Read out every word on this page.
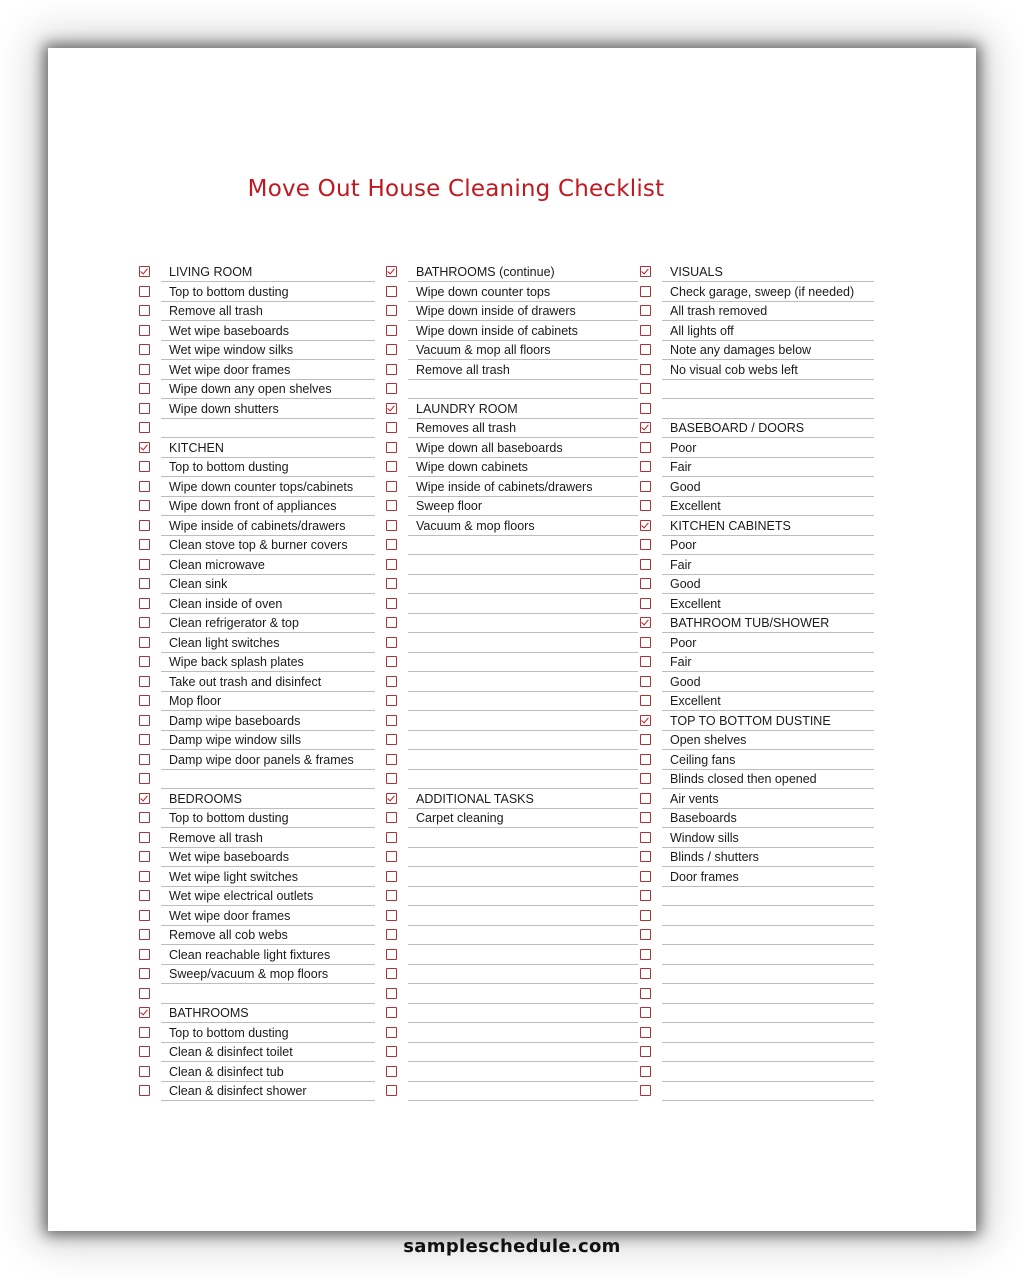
Move Out House Cleaning Checklist
LIVING ROOM
Top to bottom dusting
Remove all trash
Wet wipe baseboards
Wet wipe window silks
Wet wipe door frames
Wipe down any open shelves
Wipe down shutters
KITCHEN
Top to bottom dusting
Wipe down counter tops/cabinets
Wipe down front of appliances
Wipe inside of cabinets/drawers
Clean stove top & burner covers
Clean microwave
Clean sink
Clean inside of oven
Clean refrigerator & top
Clean light switches
Wipe back splash plates
Take out trash and disinfect
Mop floor
Damp wipe baseboards
Damp wipe window sills
Damp wipe door panels & frames
BEDROOMS
Top to bottom dusting
Remove all trash
Wet wipe baseboards
Wet wipe light switches
Wet wipe electrical outlets
Wet wipe door frames
Remove all cob webs
Clean reachable light fixtures
Sweep/vacuum & mop floors
BATHROOMS
Top to bottom dusting
Clean & disinfect toilet
Clean & disinfect tub
Clean & disinfect shower
BATHROOMS (continue)
Wipe down counter tops
Wipe down inside of drawers
Wipe down inside of cabinets
Vacuum & mop all floors
Remove all trash
LAUNDRY ROOM
Removes all trash
Wipe down all baseboards
Wipe down cabinets
Wipe inside of cabinets/drawers
Sweep floor
Vacuum & mop floors
ADDITIONAL TASKS
Carpet cleaning
VISUALS
Check garage, sweep (if needed)
All trash removed
All lights off
Note any damages below
No visual cob webs left
BASEBOARD / DOORS
Poor
Fair
Good
Excellent
KITCHEN CABINETS
Poor
Fair
Good
Excellent
BATHROOM TUB/SHOWER
Poor
Fair
Good
Excellent
TOP TO BOTTOM DUSTINE
Open shelves
Ceiling fans
Blinds closed then opened
Air vents
Baseboards
Window sills
Blinds / shutters
Door frames
sampleschedule.com
